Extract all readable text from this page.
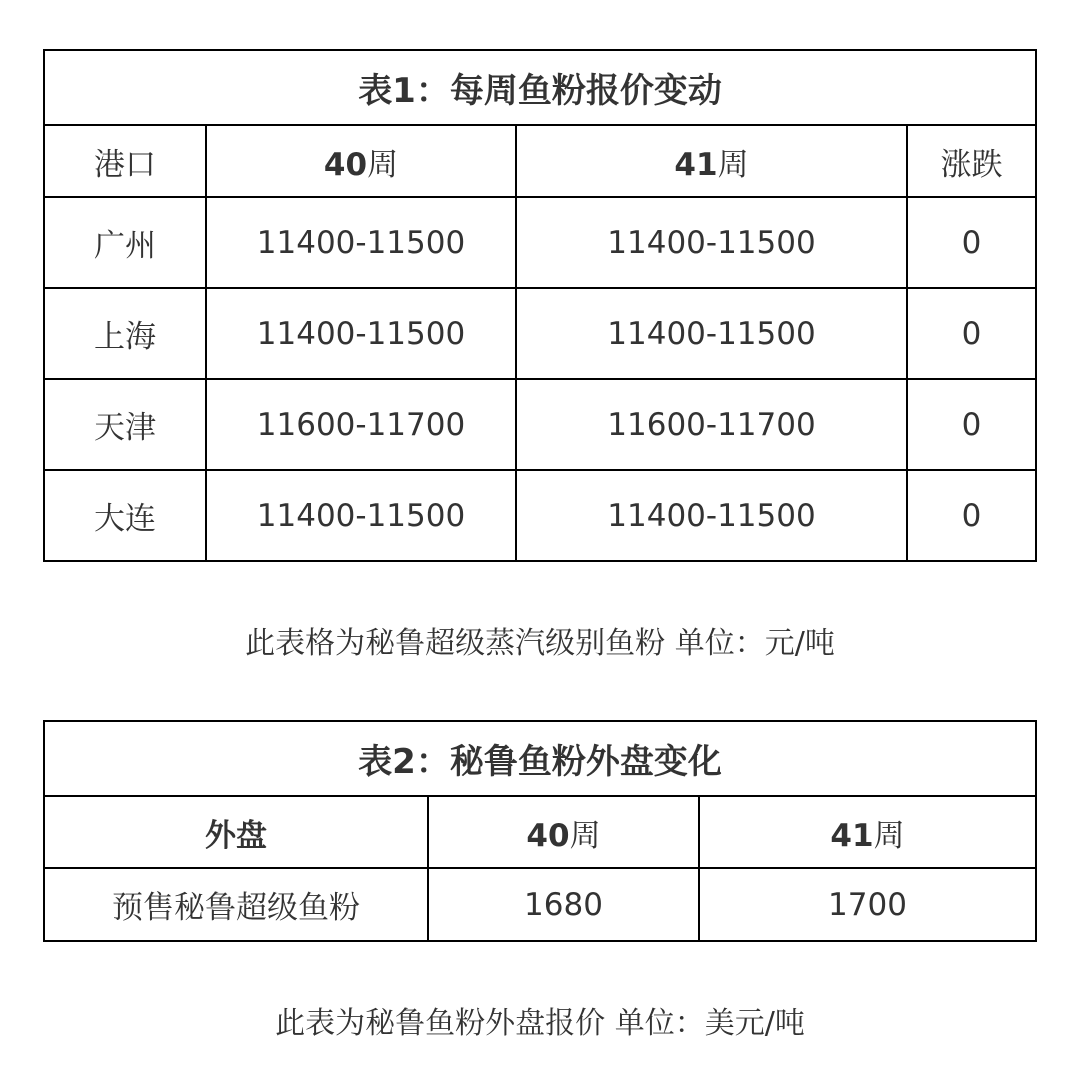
表1：每周鱼粉报价变动			
港口	40周	41周	涨跌
广州	11400-11500	11400-11500	0
上海	11400-11500	11400-11500	0
天津	11600-11700	11600-11700	0
大连	11400-11500	11400-11500	0
此表格为秘鲁超级蒸汽级别鱼粉 单位：元/吨
表2：秘鲁鱼粉外盘变化		
外盘	40周	41周
预售秘鲁超级鱼粉	1680	1700
此表为秘鲁鱼粉外盘报价 单位：美元/吨
